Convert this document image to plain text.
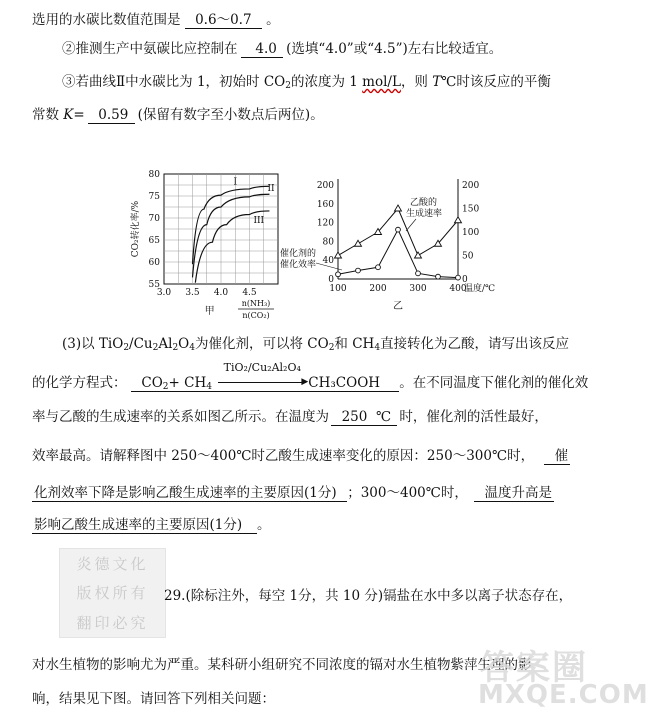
选用的水碳比数值范围是 0.6～0.7 。
②推测生产中氨碳比应控制在 4.0 (选填“4.0”或“4.5”)左右比较适宜。
③若曲线Ⅱ中水碳比为 1，初始时 $CO_2$的浓度为 1 mol/L，则 T℃时该反应的平衡
常数 K= 0.59 (保留有数字至小数点后两位)。
I
II
III
55
60
65
70
75
80
3.0 3.5 4.0 4.5
CO₂转化率/%
甲
n(NH₃)
n(CO₂)
0
40
80
120
160
200
0
50
100
150
200
100	200	300	400
温度/℃
乙
乙酸的
生成速率
催化剂的
催化效率
(3)以 $TiO_2/Cu_2Al_2O_4$为催化剂，可以将 $CO_2$和 $CH_4$直接转化为乙酸，请写出该反应
的化学方程式： $CO_2+ CH_4$
TiO₂/Cu₂Al₂O₄
▶ CH₃COOH 。在不同温度下催化剂的催化效
率与乙酸的生成速率的关系如图乙所示。在温度为 250 ℃ 时，催化剂的活性最好，
效率最高。请解释图中 250～400℃时乙酸生成速率变化的原因：250～300℃时， 催
化剂效率下降是影响乙酸生成速率的主要原因(1分) ；300～400℃时， 温度升高是
影响乙酸生成速率的主要原因(1分) 。
炎德文化
版权所有
翻印必究
29.(除标注外，每空 1分，共 10 分)镉盐在水中多以离子状态存在，
对水生植物的影响尤为严重。某科研小组研究不同浓度的镉对水生植物紫萍生理的影
响，结果见下图。请回答下列相关问题：
答案圈
MXQE.COM
